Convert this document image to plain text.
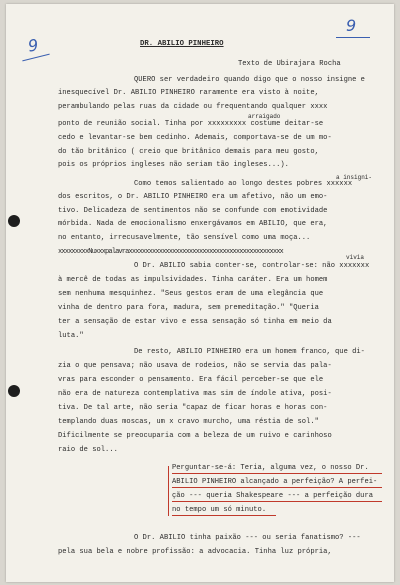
9
9
DR. ABILIO PINHEIRO
Texto de Ubirajara Rocha
arraigado
a insigni-
vivia
QUERO ser verdadeiro quando digo que o nosso insigne e
inesquecível Dr. ABILIO PINHEIRO raramente era visto à noite,
perambulando pelas ruas da cidade ou frequentando qualquer xxxx
ponto de reunião social. Tinha por xxxxxxxxx costume deitar-se
cedo e levantar-se bem cedinho. Ademais, comportava-se de um mo-
do tão britânico ( creio que britânico demais para meu gosto,
pois os próprios ingleses não seriam tão ingleses...).
Como temos salientado ao longo destes pobres xxxxxx
dos escritos, o Dr. ABILIO PINHEIRO era um afetivo, não um emo-
tivo. Delicadeza de sentimentos não se confunde com emotividade
mórbida. Nada de emocionalismo enxergávamos em ABILIO, que era,
no entanto, irrecusavelmente, tão sensível como uma moça...
xxxxxxxxxNuxxxpalavraxxxxxxxxxxxxxxxxxxxxxxxxxxxxxxxxxxxxxxxxxxxxxx
O Dr. ABILIO sabia conter-se, controlar-se: não xxxxxxx
à mercê de todas as impulsividades. Tinha caráter. Era um homem
sem nenhuma mesquinhez. "Seus gestos eram de uma elegância que
vinha de dentro para fora, madura, sem premeditação." "Queria
ter a sensação de estar vivo e essa sensação só tinha em meio da
luta."
De resto, ABILIO PINHEIRO era um homem franco, que di-
zia o que pensava; não usava de rodeios, não se servia das pala-
vras para esconder o pensamento. Era fácil perceber-se que ele
não era de natureza contemplativa mas sim de índole ativa, posi-
tiva. De tal arte, não seria "capaz de ficar horas e horas con-
templando duas moscas, um x cravo murcho, uma réstia de sol."
Dificilmente se preocuparia com a beleza de um ruivo e carinhoso
raio de sol...
Perguntar-se-á: Teria, alguma vez, o nosso Dr.
ABILIO PINHEIRO alcançado a perfeição? A perfei-
ção --- queria Shakespeare --- a perfeição dura
no tempo um só minuto.
O Dr. ABILIO tinha paixão --- ou seria fanatismo? ---
pela sua bela e nobre profissão: a advocacia. Tinha luz própria,
